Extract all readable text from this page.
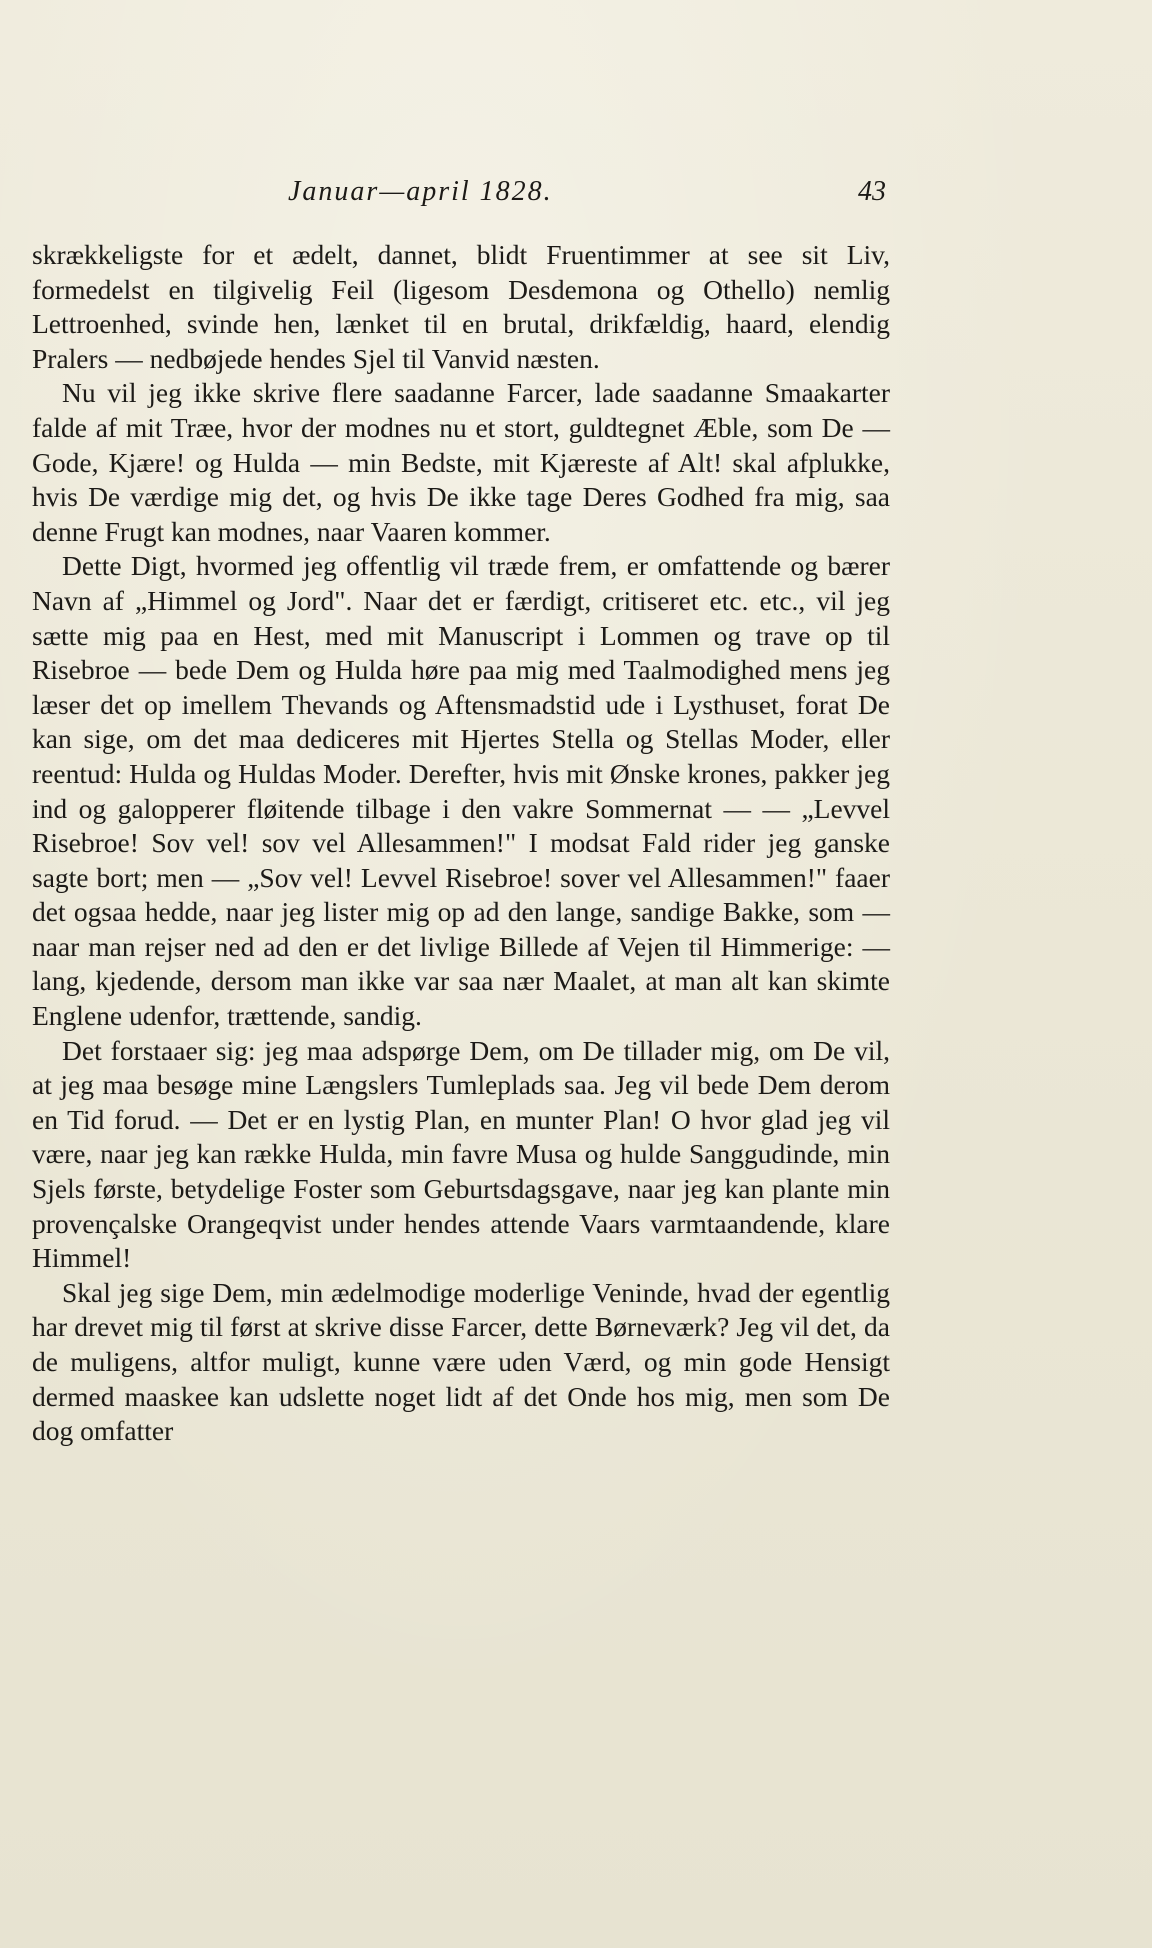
Januar—april 1828.	43

skrækkeligste for et ædelt, dannet, blidt Fruentimmer at see sit Liv, formedelst en tilgivelig Feil (ligesom Desdemona og Othello) nemlig Lettroenhed, svinde hen, lænket til en brutal, drikfældig, haard, elendig Pralers — nedbøjede hendes Sjel til Vanvid næsten.

Nu vil jeg ikke skrive flere saadanne Farcer, lade saadanne Smaakarter falde af mit Træe, hvor der modnes nu et stort, guldtegnet Æble, som De — Gode, Kjære! og Hulda — min Bedste, mit Kjæreste af Alt! skal afplukke, hvis De værdige mig det, og hvis De ikke tage Deres Godhed fra mig, saa denne Frugt kan modnes, naar Vaaren kommer.

Dette Digt, hvormed jeg offentlig vil træde frem, er omfattende og bærer Navn af „Himmel og Jord". Naar det er færdigt, critiseret etc. etc., vil jeg sætte mig paa en Hest, med mit Manuscript i Lommen og trave op til Risebroe — bede Dem og Hulda høre paa mig med Taalmodighed mens jeg læser det op imellem Thevands og Aftensmadstid ude i Lysthuset, forat De kan sige, om det maa dediceres mit Hjertes Stella og Stellas Moder, eller reentud: Hulda og Huldas Moder. Derefter, hvis mit Ønske krones, pakker jeg ind og galopperer fløitende tilbage i den vakre Sommernat — — „Levvel Risebroe! Sov vel! sov vel Allesammen!" I modsat Fald rider jeg ganske sagte bort; men — „Sov vel! Levvel Risebroe! sover vel Allesammen!" faaer det ogsaa hedde, naar jeg lister mig op ad den lange, sandige Bakke, som — naar man rejser ned ad den er det livlige Billede af Vejen til Himmerige: — lang, kjedende, dersom man ikke var saa nær Maalet, at man alt kan skimte Englene udenfor, trættende, sandig.

Det forstaaer sig: jeg maa adspørge Dem, om De tillader mig, om De vil, at jeg maa besøge mine Længslers Tumleplads saa. Jeg vil bede Dem derom en Tid forud. — Det er en lystig Plan, en munter Plan! O hvor glad jeg vil være, naar jeg kan række Hulda, min favre Musa og hulde Sanggudinde, min Sjels første, betydelige Foster som Geburtsdagsgave, naar jeg kan plante min provençalske Orangeqvist under hendes attende Vaars varmtaandende, klare Himmel!

Skal jeg sige Dem, min ædelmodige moderlige Veninde, hvad der egentlig har drevet mig til først at skrive disse Farcer, dette Børneværk? Jeg vil det, da de muligens, altfor muligt, kunne være uden Værd, og min gode Hensigt dermed maaskee kan udslette noget lidt af det Onde hos mig, men som De dog omfatter
